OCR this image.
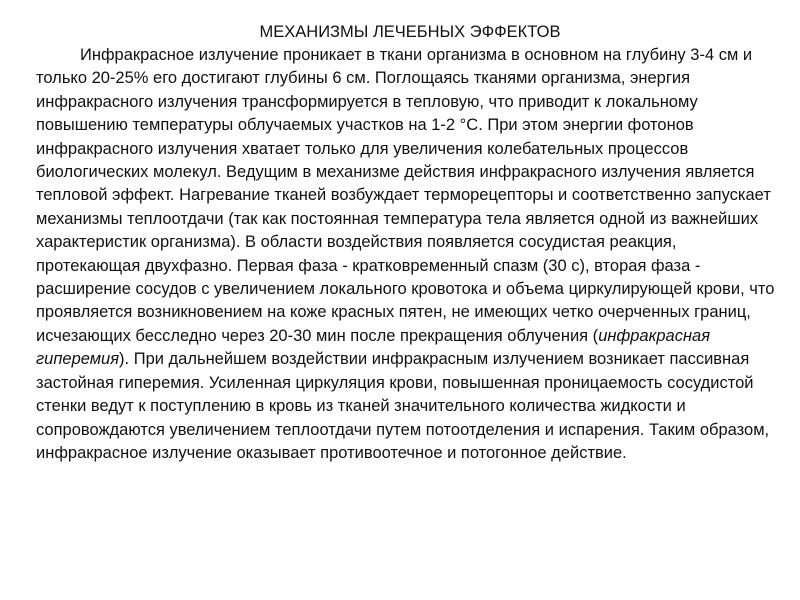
МЕХАНИЗМЫ ЛЕЧЕБНЫХ ЭФФЕКТОВ

Инфракрасное излучение проникает в ткани организма в основном на глубину 3-4 см и только 20-25% его достигают глубины 6 см. Поглощаясь тканями организма, энергия инфракрасного излучения трансформируется в тепловую, что приводит к локальному повышению температуры облучаемых участков на 1-2 °С. При этом энергии фотонов инфракрасного излучения хватает только для увеличения колебательных процессов биологических молекул. Ведущим в механизме действия инфракрасного излучения является тепловой эффект. Нагревание тканей возбуждает терморецепторы и соответственно запускает механизмы теплоотдачи (так как постоянная температура тела является одной из важнейших характеристик организма). В области воздействия появляется сосудистая реакция, протекающая двухфазно. Первая фаза - кратковременный спазм (30 с), вторая фаза - расширение сосудов с увеличением локального кровотока и объема циркулирующей крови, что проявляется возникновением на коже красных пятен, не имеющих четко очерченных границ, исчезающих бесследно через 20-30 мин после прекращения облучения (инфракрасная гиперемия). При дальнейшем воздействии инфракрасным излучением возникает пассивная застойная гиперемия. Усиленная циркуляция крови, повышенная проницаемость сосудистой стенки ведут к поступлению в кровь из тканей значительного количества жидкости и сопровождаются увеличением теплоотдачи путем потоотделения и испарения. Таким образом, инфракрасное излучение оказывает противоотечное и потогонное действие.
